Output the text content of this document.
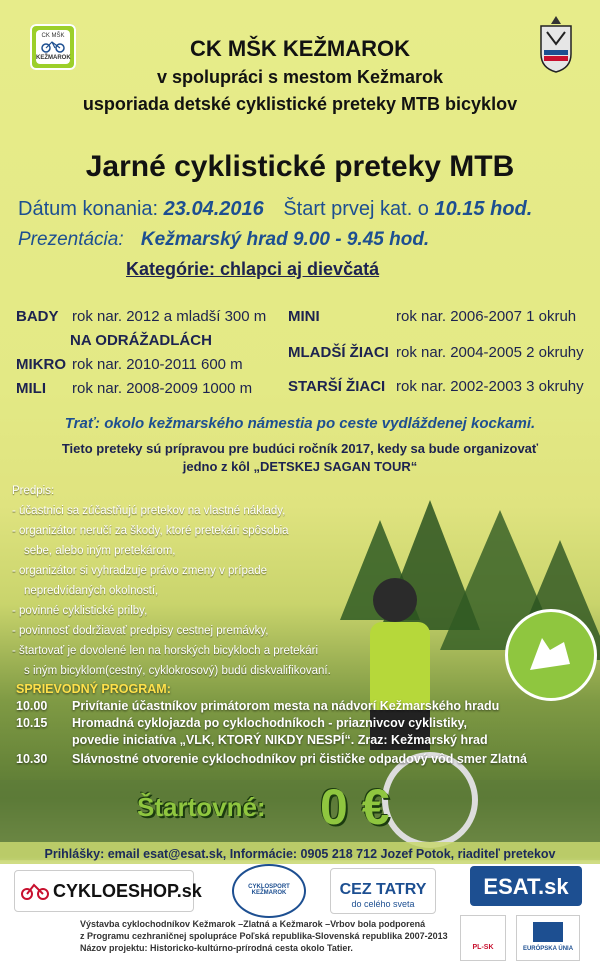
CK MŠK
KEŽMAROK	CK MŠK KEŽMAROK
v spolupráci s mestom Kežmarok
usporiada detské cyklistické preteky MTB bicyklov
Jarné cyklistické preteky MTB
Dátum konania: 23.04.2016 Štart prvej kat. o 10.15 hod.
Prezentácia: Kežmarský hrad 9.00 - 9.45 hod.
Kategórie: chlapci aj dievčatá
BADY rok nar. 2012 a mladší 300 m
NA ODRÁŽADLÁCH
MIKRO rok nar. 2010-2011 600 m
MILI rok nar. 2008-2009 1000 m
MINI	rok nar. 2006-2007 1 okruh
MLADŠÍ ŽIACI rok nar. 2004-2005 2 okruhy
STARŠÍ ŽIACI rok nar. 2002-2003 3 okruhy
Trať: okolo kežmarského námestia po ceste vydláždenej kockami.
Tieto preteky sú prípravou pre budúci ročník 2017, kedy sa bude organizovať
jedno z kôl „DETSKEJ SAGAN TOUR“
Predpis:
- účastnici sa zúčastňujú pretekov na vlastné náklady,
- organizátor neručí za škody, ktoré pretekári spôsobia
sebe, alebo iným pretekárom,
- organizátor si vyhradzuje právo zmeny v prípade
nepredvídaných okolností,
- povinné cyklistické prilby,
- povinnosť dodržiavať predpisy cestnej premávky,
- štartovať je dovolené len na horských bicykloch a pretekári
s iným bicyklom(cestný, cyklokrosový) budú diskvalifikovaní.
SPRIEVODNÝ PROGRAM:
10.00 Privítanie účastníkov primátorom mesta na nádvorí Kežmarského hradu
10.15 Hromadná cyklojazda po cyklochodníkoch - priaznivcov cyklistiky,
povedie iniciatíva „VLK, KTORÝ NIKDY NESPÍ“. Zraz: Kežmarský hrad
10.30 Slávnostné otvorenie cyklochodníkov pri čističke odpadový vôd smer Zlatná
Štartovné: 0 €
Prihlášky: email esat@esat.sk, Informácie: 0905 218 712 Jozef Potok, riaditeľ pretekov
CYKLOESHOP.sk	CYKLOSPORT KEŽMAROK	CEZ TATRY
do celého sveta
ESAT.sk
Výstavba cyklochodníkov Kežmarok –Zlatná a Kežmarok –Vrbov bola podporená
z Programu cezhraničnej spolupráce Poľská republika-Slovenská republika 2007-2013
Názov projektu: Historicko-kultúrno-prírodná cesta okolo Tatier.	PL-SK	EURÓPSKA ÚNIA
